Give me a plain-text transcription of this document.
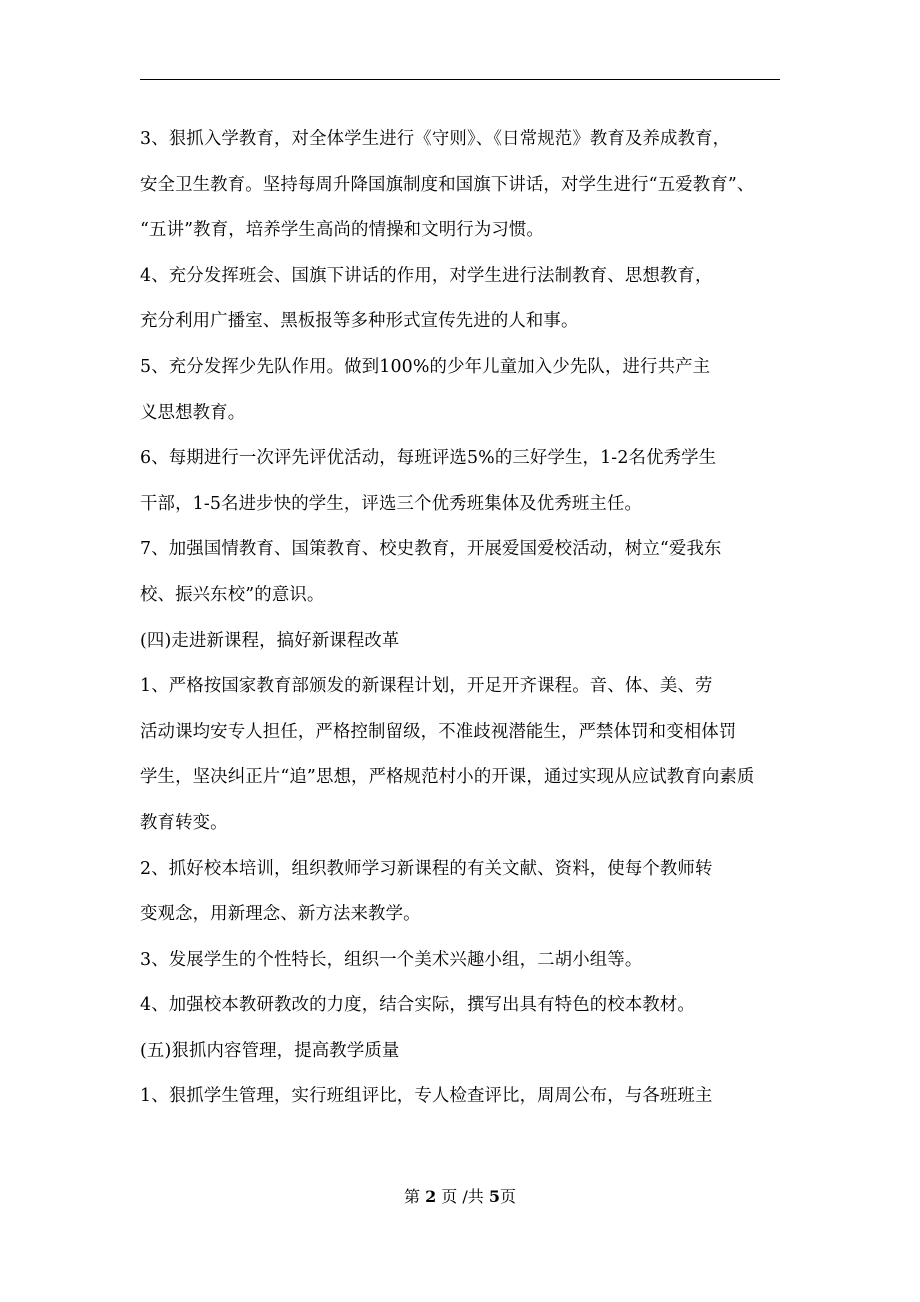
3、狠抓入学教育，对全体学生进行《守则》、《日常规范》教育及养成教育，
安全卫生教育。坚持每周升降国旗制度和国旗下讲话，对学生进行“五爱教育”、
“五讲”教育，培养学生高尚的情操和文明行为习惯。

4、充分发挥班会、国旗下讲话的作用，对学生进行法制教育、思想教育，
充分利用广播室、黑板报等多种形式宣传先进的人和事。

5、充分发挥少先队作用。做到100%的少年儿童加入少先队，进行共产主
义思想教育。

6、每期进行一次评先评优活动，每班评选5%的三好学生，1-2名优秀学生
干部，1-5名进步快的学生，评选三个优秀班集体及优秀班主任。

7、加强国情教育、国策教育、校史教育，开展爱国爱校活动，树立“爱我东
校、振兴东校”的意识。

(四)走进新课程，搞好新课程改革

1、严格按国家教育部颁发的新课程计划，开足开齐课程。音、体、美、劳
活动课均安专人担任，严格控制留级，不准歧视潜能生，严禁体罚和变相体罚
学生，坚决纠正片“追”思想，严格规范村小的开课，通过实现从应试教育向素质
教育转变。

2、抓好校本培训，组织教师学习新课程的有关文献、资料，使每个教师转
变观念，用新理念、新方法来教学。

3、发展学生的个性特长，组织一个美术兴趣小组，二胡小组等。

4、加强校本教研教改的力度，结合实际，撰写出具有特色的校本教材。

(五)狠抓内容管理，提高教学质量

1、狠抓学生管理，实行班组评比，专人检查评比，周周公布，与各班班主

第 2 页 /共 5页
